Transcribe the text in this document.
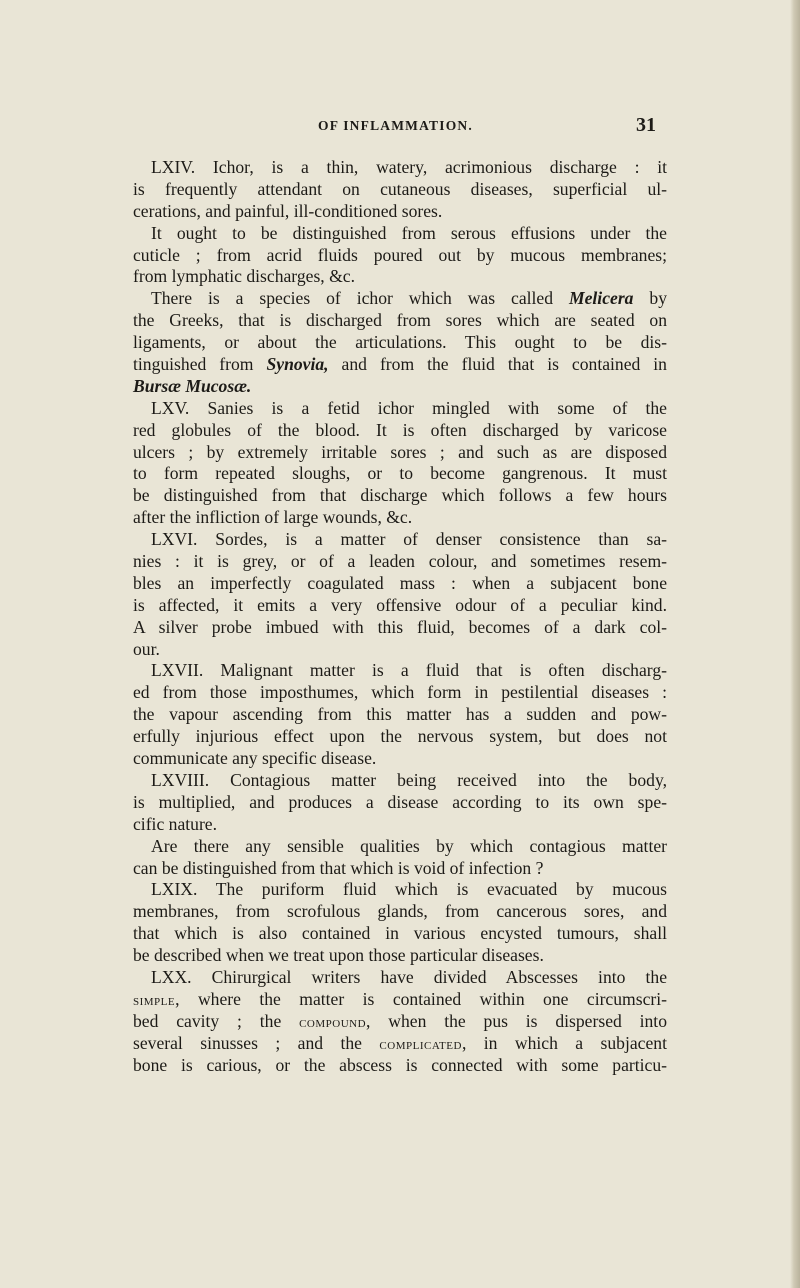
OF INFLAMMATION.	31
LXIV. Ichor, is a thin, watery, acrimonious discharge : it
is frequently attendant on cutaneous diseases, superficial ul-
cerations, and painful, ill-conditioned sores.
It ought to be distinguished from serous effusions under the
cuticle ; from acrid fluids poured out by mucous membranes;
from lymphatic discharges, &c.
There is a species of ichor which was called Melicera by
the Greeks, that is discharged from sores which are seated on
ligaments, or about the articulations. This ought to be dis-
tinguished from Synovia, and from the fluid that is contained in
Bursæ Mucosæ.
LXV. Sanies is a fetid ichor mingled with some of the
red globules of the blood. It is often discharged by varicose
ulcers ; by extremely irritable sores ; and such as are disposed
to form repeated sloughs, or to become gangrenous. It must
be distinguished from that discharge which follows a few hours
after the infliction of large wounds, &c.
LXVI. Sordes, is a matter of denser consistence than sa-
nies : it is grey, or of a leaden colour, and sometimes resem-
bles an imperfectly coagulated mass : when a subjacent bone
is affected, it emits a very offensive odour of a peculiar kind.
A silver probe imbued with this fluid, becomes of a dark col-
our.
LXVII. Malignant matter is a fluid that is often discharg-
ed from those imposthumes, which form in pestilential diseases :
the vapour ascending from this matter has a sudden and pow-
erfully injurious effect upon the nervous system, but does not
communicate any specific disease.
LXVIII. Contagious matter being received into the body,
is multiplied, and produces a disease according to its own spe-
cific nature.
Are there any sensible qualities by which contagious matter
can be distinguished from that which is void of infection ?
LXIX. The puriform fluid which is evacuated by mucous
membranes, from scrofulous glands, from cancerous sores, and
that which is also contained in various encysted tumours, shall
be described when we treat upon those particular diseases.
LXX. Chirurgical writers have divided Abscesses into the
simple, where the matter is contained within one circumscri-
bed cavity ; the compound, when the pus is dispersed into
several sinusses ; and the complicated, in which a subjacent
bone is carious, or the abscess is connected with some particu-
